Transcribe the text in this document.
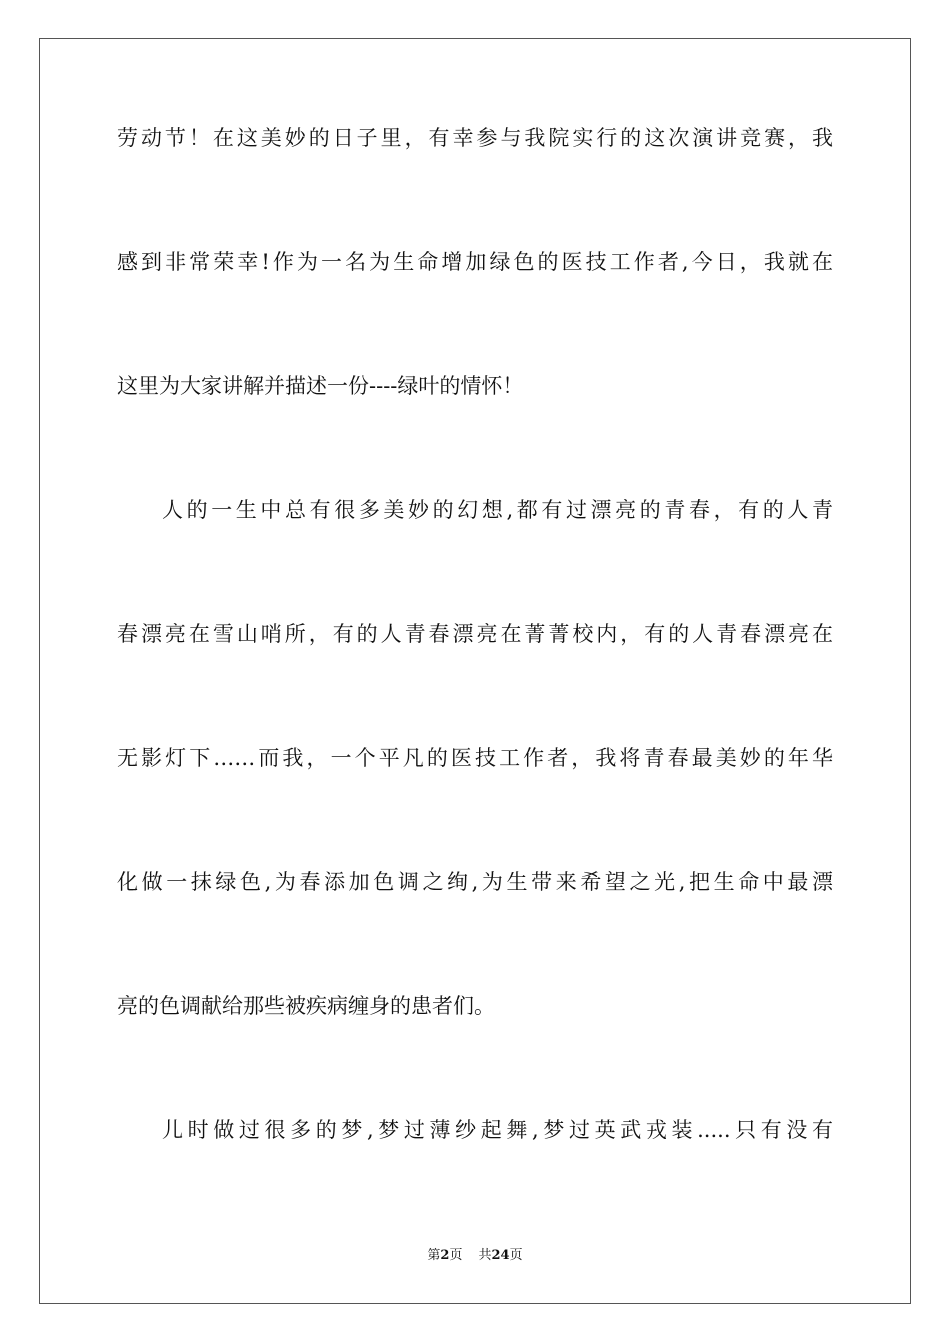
劳动节！在这美妙的日子里，有幸参与我院实行的这次演讲竞赛，我
感到非常荣幸!作为一名为生命增加绿色的医技工作者,今日，我就在
这里为大家讲解并描述一份----绿叶的情怀！
人的一生中总有很多美妙的幻想,都有过漂亮的青春，有的人青
春漂亮在雪山哨所，有的人青春漂亮在菁菁校内，有的人青春漂亮在
无影灯下……而我，一个平凡的医技工作者，我将青春最美妙的年华
化做一抹绿色,为春添加色调之绚,为生带来希望之光,把生命中最漂
亮的色调献给那些被疾病缠身的患者们。
儿时做过很多的梦,梦过薄纱起舞,梦过英武戎装.....只有没有
第2页 共24页
